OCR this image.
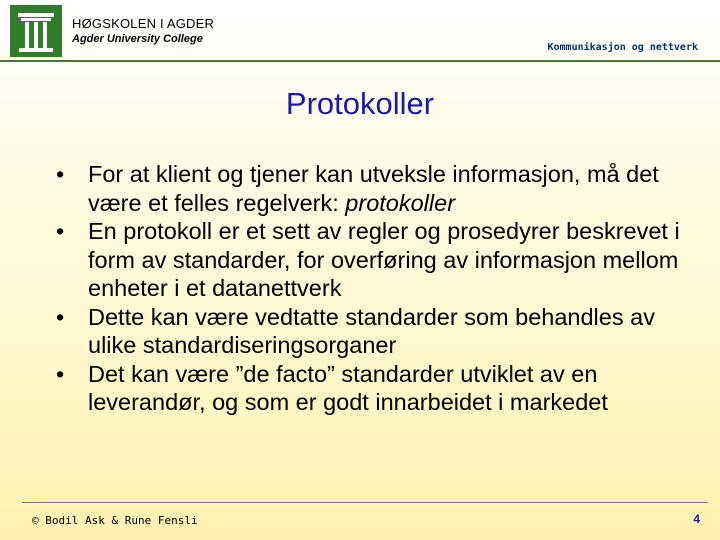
HØGSKOLEN I AGDER
Agder University College
Kommunikasjon og nettverk
Protokoller
• For at klient og tjener kan utveksle informasjon, må det være et felles regelverk: protokoller
• En protokoll er et sett av regler og prosedyrer beskrevet i form av standarder, for overføring av informasjon mellom enheter i et datanettverk
• Dette kan være vedtatte standarder som behandles av ulike standardiseringsorganer
• Det kan være ”de facto” standarder utviklet av en leverandør, og som er godt innarbeidet i markedet
© Bodil Ask & Rune Fensli	4
